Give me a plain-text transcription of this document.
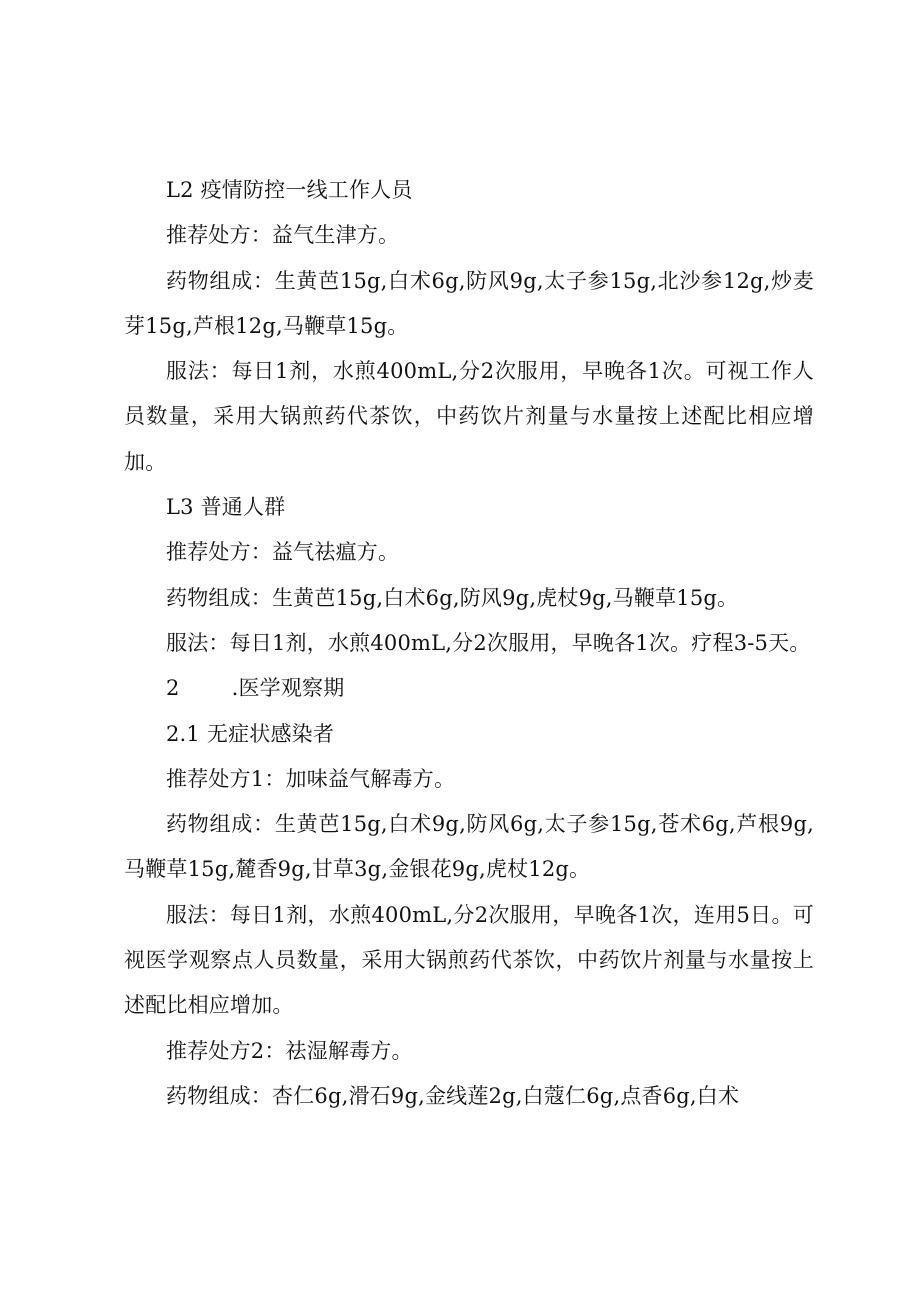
L2 疫情防控一线工作人员

推荐处方：益气生津方。

药物组成：生黄芭15g,白术6g,防风9g,太子参15g,北沙参12g,炒麦芽15g,芦根12g,马鞭草15g。

服法：每日1剂，水煎400mL,分2次服用，早晚各1次。可视工作人员数量，采用大锅煎药代茶饮，中药饮片剂量与水量按上述配比相应增加。

L3 普通人群

推荐处方：益气祛瘟方。

药物组成：生黄芭15g,白术6g,防风9g,虎杖9g,马鞭草15g。

服法：每日1剂，水煎400mL,分2次服用，早晚各1次。疗程3-5天。

2 .医学观察期

2.1 无症状感染者

推荐处方1：加味益气解毒方。

药物组成：生黄芭15g,白术9g,防风6g,太子参15g,苍术6g,芦根9g,马鞭草15g,麓香9g,甘草3g,金银花9g,虎杖12g。

服法：每日1剂，水煎400mL,分2次服用，早晚各1次，连用5日。可视医学观察点人员数量，采用大锅煎药代茶饮，中药饮片剂量与水量按上述配比相应增加。

推荐处方2：祛湿解毒方。

药物组成：杏仁6g,滑石9g,金线莲2g,白蔻仁6g,点香6g,白术
